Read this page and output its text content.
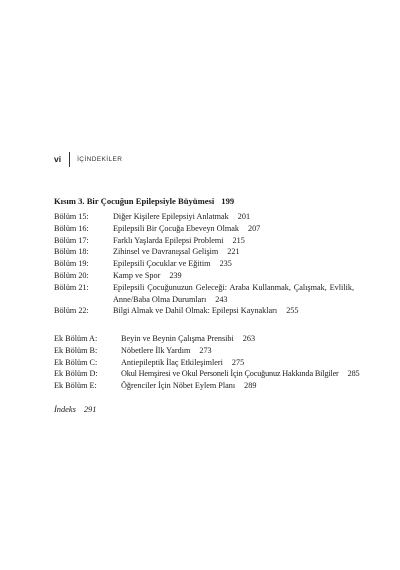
vi İÇİNDEKİLER
Kısım 3. Bir Çocuğun Epilepsiyle Büyümesi 199
Bölüm 15:	Diğer Kişilere Epilepsiyi Anlatmak 201
Bölüm 16:	Epilepsili Bir Çocuğa Ebeveyn Olmak 207
Bölüm 17:	Farklı Yaşlarda Epilepsi Problemi 215
Bölüm 18:	Zihinsel ve Davranışsal Gelişim 221
Bölüm 19:	Epilepsili Çocuklar ve Eğitim 235
Bölüm 20:	Kamp ve Spor 239
Bölüm 21:	Epilepsili Çocuğunuzun Geleceği: Araba Kullanmak, Çalışmak, Evlilik, Anne/Baba Olma Durumları 243
Bölüm 22:	Bilgi Almak ve Dahil Olmak: Epilepsi Kaynakları 255
Ek Bölüm A:	Beyin ve Beynin Çalışma Prensibi 263
Ek Bölüm B:	Nöbetlere İlk Yardım 273
Ek Bölüm C:	Antiepileptik İlaç Etkileşimleri 275
Ek Bölüm D:	Okul Hemşiresi ve Okul Personeli İçin Çocuğunuz Hakkında Bilgiler 285
Ek Bölüm E:	Öğrenciler İçin Nöbet Eylem Planı 289
İndeks 291
